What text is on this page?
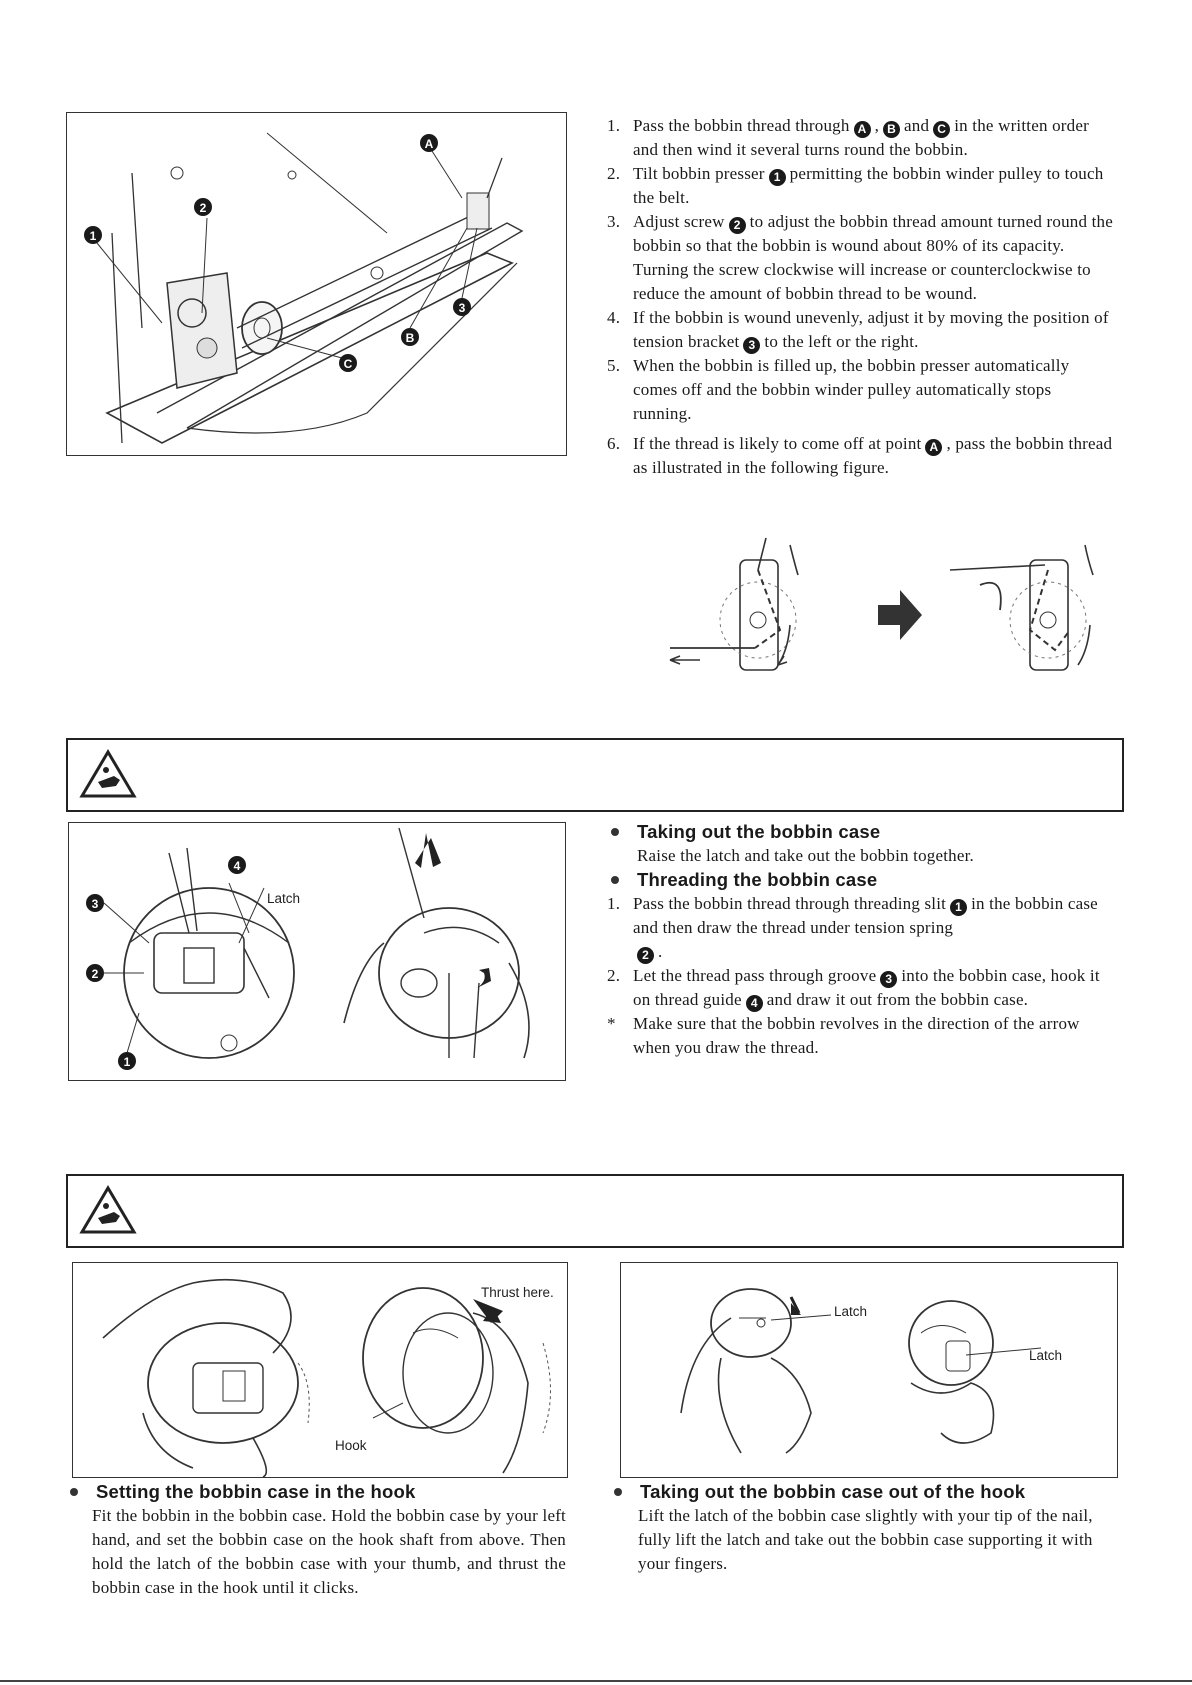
A
1
2
3
B
C
1. Pass the bobbin thread through A , B and C in the written order and then wind it several turns round the bobbin.
2. Tilt bobbin presser 1 permitting the bobbin winder pulley to touch the belt.
3. Adjust screw 2 to adjust the bobbin thread amount turned round the bobbin so that the bobbin is wound about 80% of its capacity. Turning the screw clockwise will increase or counterclockwise to reduce the amount of bobbin thread to be wound.
4. If the bobbin is wound unevenly, adjust it by moving the position of tension bracket 3 to the left or the right.
5. When the bobbin is filled up, the bobbin presser automatically comes off and the bobbin winder pulley automatically stops running.
6. If the thread is likely to come off at point A , pass the bobbin thread as illustrated in the following figure.
4
3
2
1
Latch
Taking out the bobbin case
Raise the latch and take out the bobbin together.
Threading the bobbin case
1. Pass the bobbin thread through threading slit 1 in the bobbin case and then draw the thread under tension spring
2 .
2. Let the thread pass through groove 3 into the bobbin case, hook it on thread guide 4 and draw it out from the bobbin case.
* Make sure that the bobbin revolves in the direction of the arrow when you draw the thread.
Thrust here.
Hook
Latch
Latch
Setting the bobbin case in the hook
Fit the bobbin in the bobbin case. Hold the bobbin case by your left hand, and set the bobbin case on the hook shaft from above. Then hold the latch of the bobbin case with your thumb, and thrust the bobbin case in the hook until it clicks.
Taking out the bobbin case out of the hook
Lift the latch of the bobbin case slightly with your tip of the nail, fully lift the latch and take out the bobbin case supporting it with your fingers.
